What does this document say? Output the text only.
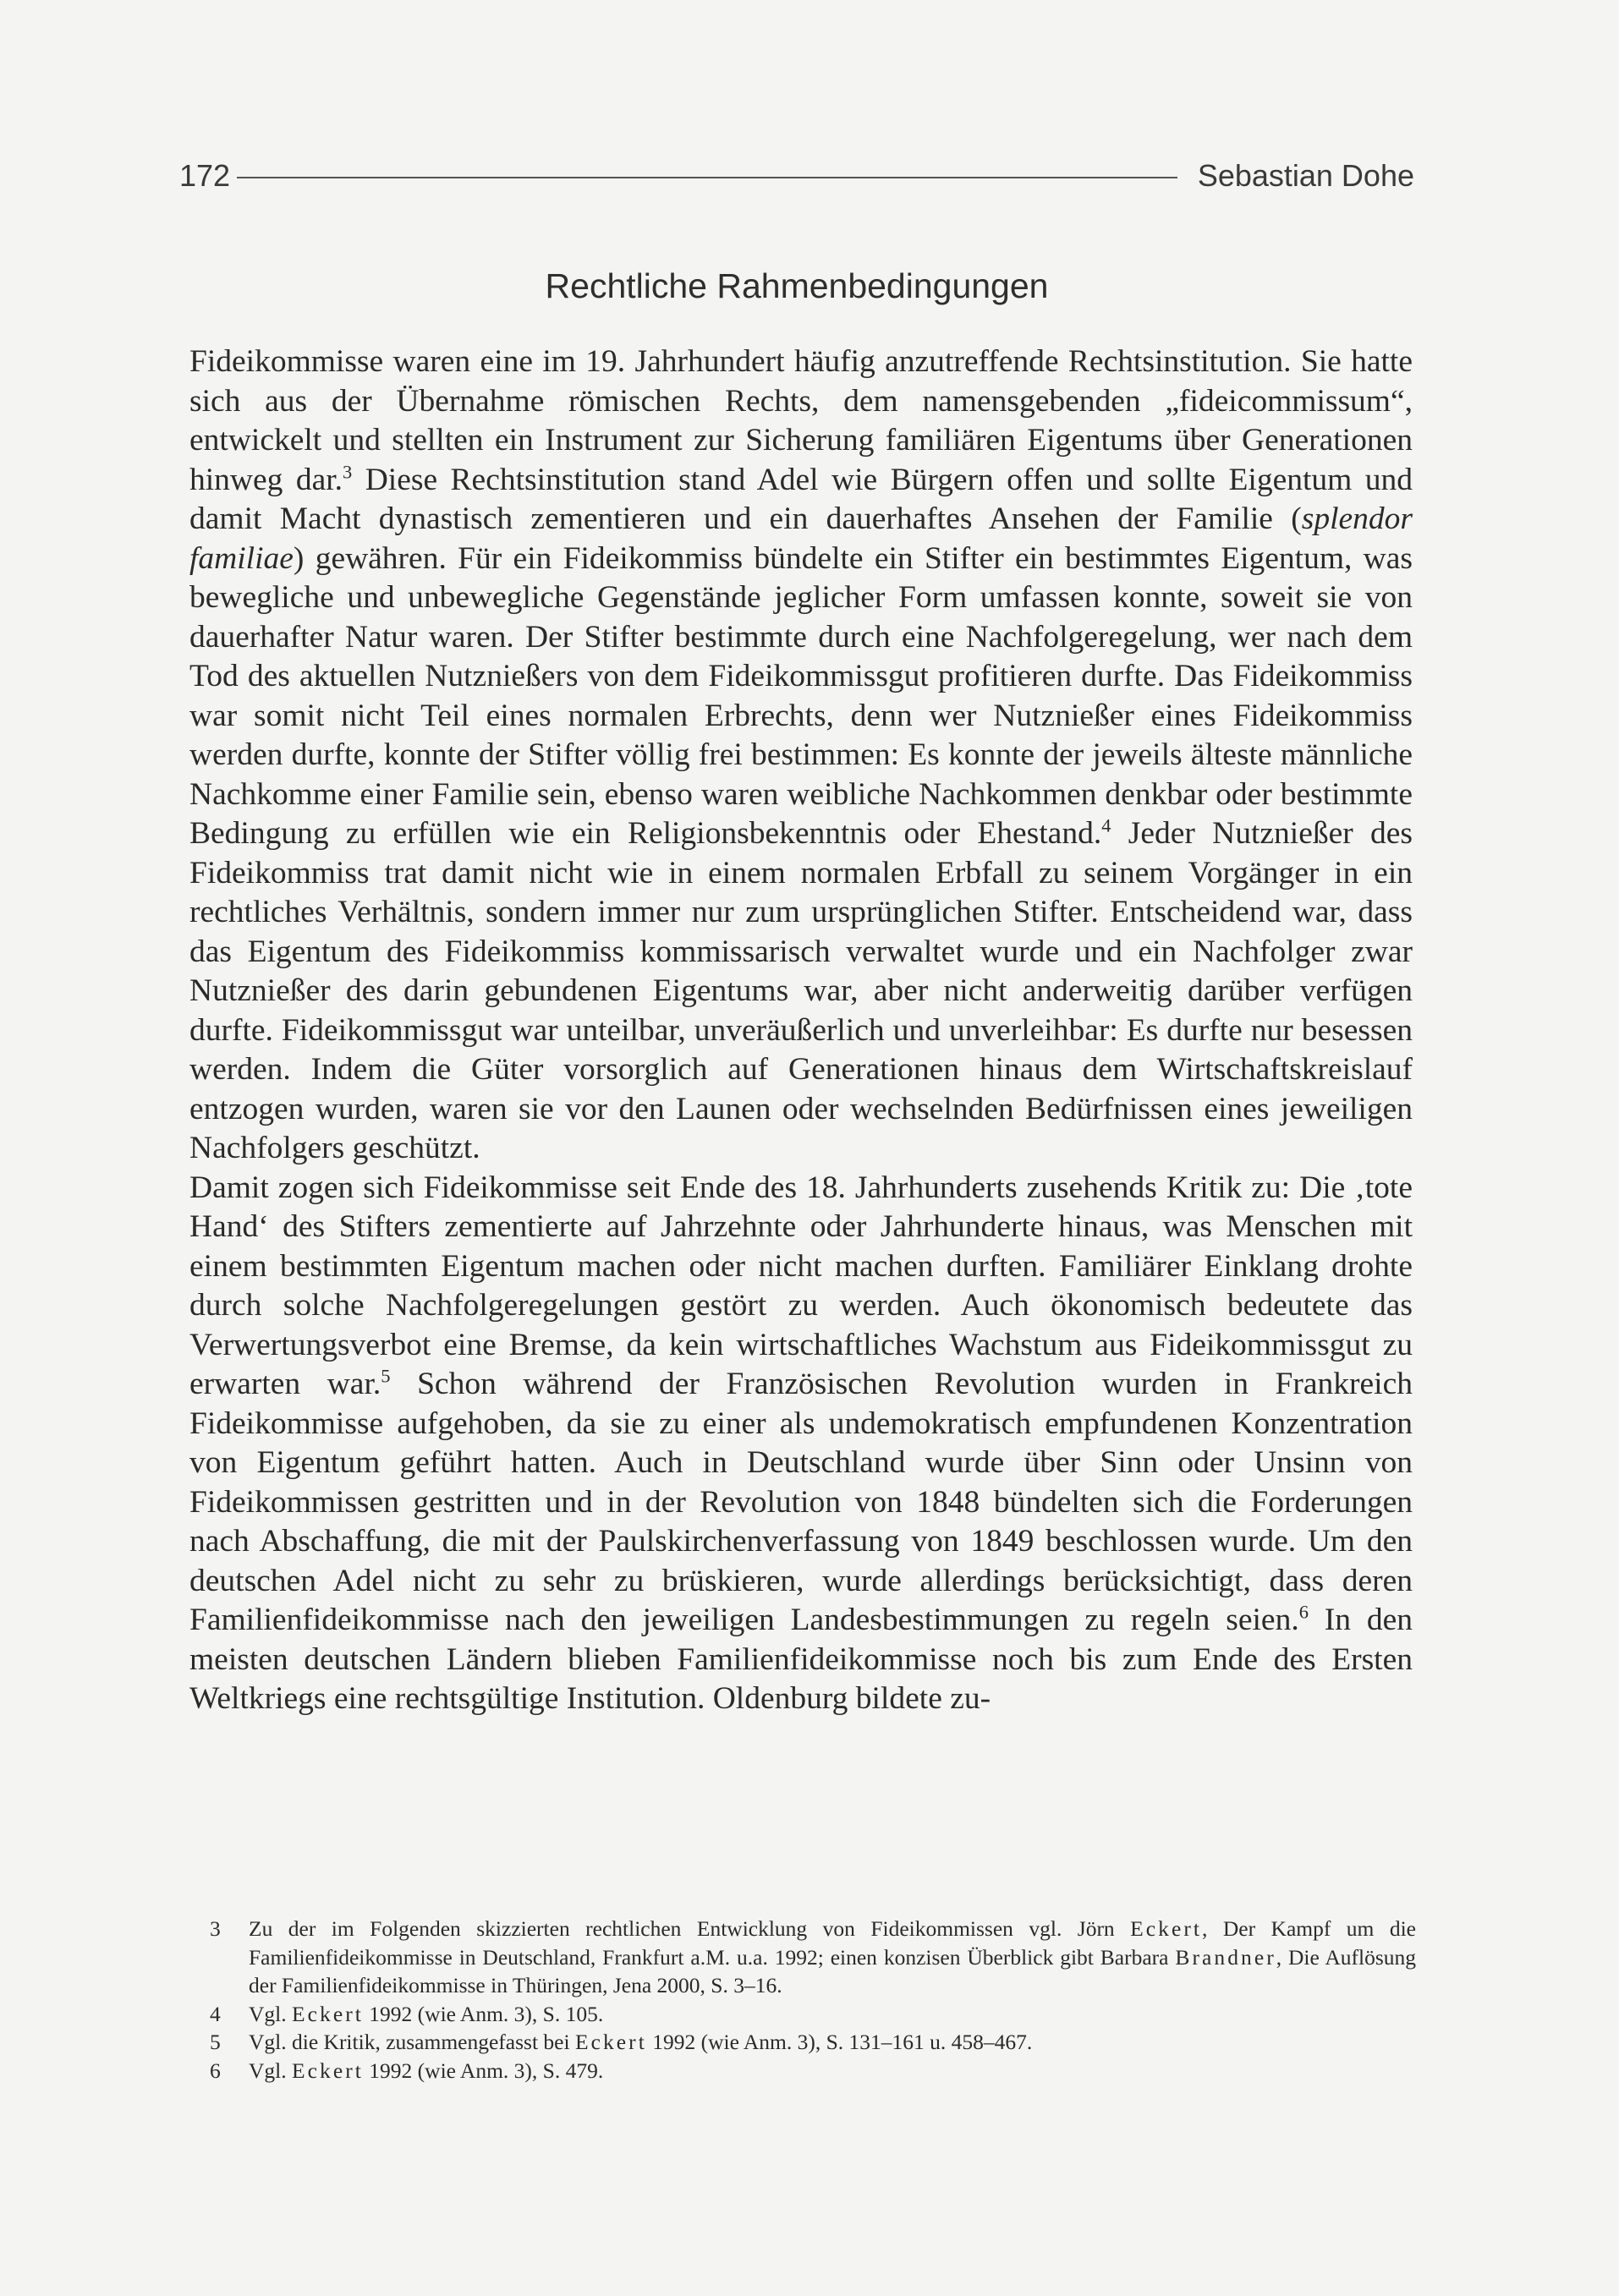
172	Sebastian Dohe
Rechtliche Rahmenbedingungen

Fideikommisse waren eine im 19. Jahrhundert häufig anzutreffende Rechtsinstitution. Sie hatte sich aus der Übernahme römischen Rechts, dem namensgebenden „fideicommissum“, entwickelt und stellten ein Instrument zur Sicherung familiären Eigentums über Generationen hinweg dar.$^3$ Diese Rechtsinstitution stand Adel wie Bürgern offen und sollte Eigentum und damit Macht dynastisch zementieren und ein dauerhaftes Ansehen der Familie (splendor familiae) gewähren. Für ein Fideikommiss bündelte ein Stifter ein bestimmtes Eigentum, was bewegliche und unbewegliche Gegenstände jeglicher Form umfassen konnte, soweit sie von dauerhafter Natur waren. Der Stifter bestimmte durch eine Nachfolgeregelung, wer nach dem Tod des aktuellen Nutznießers von dem Fideikommissgut profitieren durfte. Das Fideikommiss war somit nicht Teil eines normalen Erbrechts, denn wer Nutznießer eines Fideikommiss werden durfte, konnte der Stifter völlig frei bestimmen: Es konnte der jeweils älteste männliche Nachkomme einer Familie sein, ebenso waren weibliche Nachkommen denkbar oder bestimmte Bedingung zu erfüllen wie ein Religionsbekenntnis oder Ehestand.$^4$ Jeder Nutznießer des Fideikommiss trat damit nicht wie in einem normalen Erbfall zu seinem Vorgänger in ein rechtliches Verhältnis, sondern immer nur zum ursprünglichen Stifter. Entscheidend war, dass das Eigentum des Fideikommiss kommissarisch verwaltet wurde und ein Nachfolger zwar Nutznießer des darin gebundenen Eigentums war, aber nicht anderweitig darüber verfügen durfte. Fideikommissgut war unteilbar, unveräußerlich und unverleihbar: Es durfte nur besessen werden. Indem die Güter vorsorglich auf Generationen hinaus dem Wirtschaftskreislauf entzogen wurden, waren sie vor den Launen oder wechselnden Bedürfnissen eines jeweiligen Nachfolgers geschützt.

Damit zogen sich Fideikommisse seit Ende des 18. Jahrhunderts zusehends Kritik zu: Die ‚tote Hand‘ des Stifters zementierte auf Jahrzehnte oder Jahrhunderte hinaus, was Menschen mit einem bestimmten Eigentum machen oder nicht machen durften. Familiärer Einklang drohte durch solche Nachfolgeregelungen gestört zu werden. Auch ökonomisch bedeutete das Verwertungsverbot eine Bremse, da kein wirtschaftliches Wachstum aus Fideikommissgut zu erwarten war.$^5$ Schon während der Französischen Revolution wurden in Frankreich Fideikommisse aufgehoben, da sie zu einer als undemokratisch empfundenen Konzentration von Eigentum geführt hatten. Auch in Deutschland wurde über Sinn oder Unsinn von Fideikommissen gestritten und in der Revolution von 1848 bündelten sich die Forderungen nach Abschaffung, die mit der Paulskirchenverfassung von 1849 beschlossen wurde. Um den deutschen Adel nicht zu sehr zu brüskieren, wurde allerdings berücksichtigt, dass deren Familienfideikommisse nach den jeweiligen Landesbestimmungen zu regeln seien.$^6$ In den meisten deutschen Ländern blieben Familienfideikommisse noch bis zum Ende des Ersten Weltkriegs eine rechtsgültige Institution. Oldenburg bildete zu-

3	Zu der im Folgenden skizzierten rechtlichen Entwicklung von Fideikommissen vgl. Jörn Eckert, Der Kampf um die Familienfideikommisse in Deutschland, Frankfurt a.M. u.a. 1992; einen konzisen Überblick gibt Barbara Brandner, Die Auflösung der Familienfideikommisse in Thüringen, Jena 2000, S. 3–16.
4	Vgl. Eckert 1992 (wie Anm. 3), S. 105.
5	Vgl. die Kritik, zusammengefasst bei Eckert 1992 (wie Anm. 3), S. 131–161 u. 458–467.
6	Vgl. Eckert 1992 (wie Anm. 3), S. 479.
